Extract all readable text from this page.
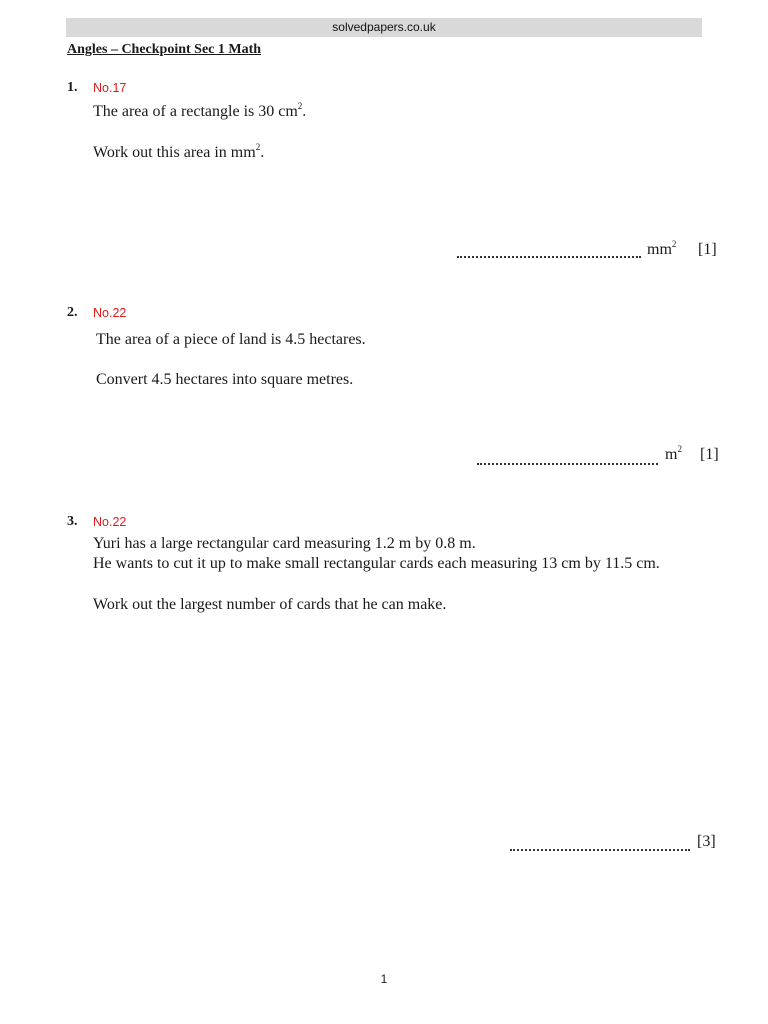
solvedpapers.co.uk
Angles – Checkpoint Sec 1 Math
1. No.17
The area of a rectangle is 30 $cm^2$.
Work out this area in $mm^2$.
$mm^2$ [1]
2. No.22
The area of a piece of land is 4.5 hectares.
Convert 4.5 hectares into square metres.
$m^2$ [1]
3. No.22
Yuri has a large rectangular card measuring 1.2 m by 0.8 m.
He wants to cut it up to make small rectangular cards each measuring 13 cm by 11.5 cm.
Work out the largest number of cards that he can make.
[3]
1
